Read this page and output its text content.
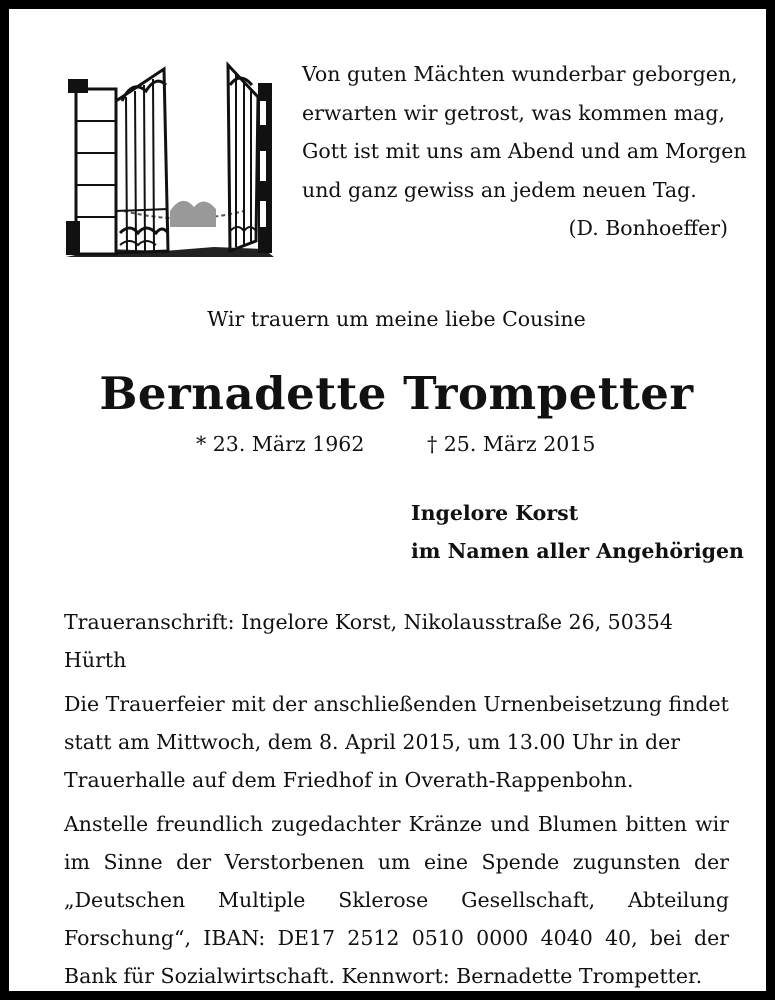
Von guten Mächten wunderbar geborgen,
erwarten wir getrost, was kommen mag,
Gott ist mit uns am Abend und am Morgen
und ganz gewiss an jedem neuen Tag.
(D. Bonhoeffer)
Wir trauern um meine liebe Cousine
Bernadette Trompetter
* 23. März 1962	† 25. März 2015
Ingelore Korst
im Namen aller Angehörigen

Traueranschrift: Ingelore Korst, Nikolausstraße 26, 50354 Hürth

Die Trauerfeier mit der anschließenden Urnenbeisetzung findet statt am Mittwoch, dem 8. April 2015, um 13.00 Uhr in der Trauerhalle auf dem Friedhof in Overath-Rappenbohn.

Anstelle freundlich zugedachter Kränze und Blumen bitten wir im Sinne der Verstorbenen um eine Spende zugunsten der „Deutschen Multiple Sklerose Gesellschaft, Abteilung Forschung“, IBAN: DE17 2512 0510 0000 4040 40, bei der Bank für Sozialwirtschaft. Kennwort: Bernadette Trompetter.
